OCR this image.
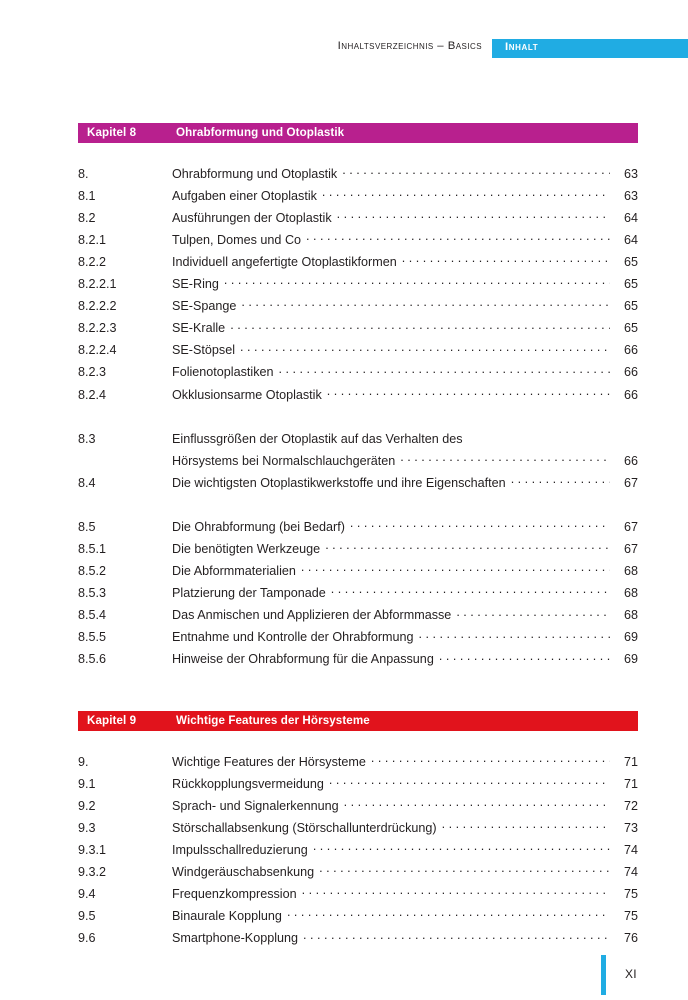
Inhaltsverzeichnis – Basics Inhalt
Kapitel 8	Ohrabformung und Otoplastik
8.	Ohrabformung und Otoplastik . . .	63
8.1	Aufgaben einer Otoplastik . . .	63
8.2	Ausführungen der Otoplastik . . .	64
8.2.1	Tulpen, Domes und Co . . .	64
8.2.2	Individuell angefertigte Otoplastikformen . . .	65
8.2.2.1	SE-Ring . . .	65
8.2.2.2	SE-Spange . . .	65
8.2.2.3	SE-Kralle . . .	65
8.2.2.4	SE-Stöpsel . . .	66
8.2.3	Folienotoplastiken . . .	66
8.2.4	Okklusionsarme Otoplastik . . .	66
8.3	Einflussgrößen der Otoplastik auf das Verhalten des
Hörsystems bei Normalschlauchgeräten . . .	66
8.4	Die wichtigsten Otoplastikwerkstoffe und ihre Eigenschaften . . .	67
8.5	Die Ohrabformung (bei Bedarf) . . .	67
8.5.1	Die benötigten Werkzeuge . . .	67
8.5.2	Die Abformmaterialien . . .	68
8.5.3	Platzierung der Tamponade . . .	68
8.5.4	Das Anmischen und Applizieren der Abformmasse . . .	68
8.5.5	Entnahme und Kontrolle der Ohrabformung . . .	69
8.5.6	Hinweise der Ohrabformung für die Anpassung . . .	69
Kapitel 9	Wichtige Features der Hörsysteme
9.	Wichtige Features der Hörsysteme . . .	71
9.1	Rückkopplungsvermeidung . . .	71
9.2	Sprach- und Signalerkennung . . .	72
9.3	Störschallabsenkung (Störschallunterdrückung) . . .	73
9.3.1	Impulsschallreduzierung . . .	74
9.3.2	Windgeräuschabsenkung . . .	74
9.4	Frequenzkompression . . .	75
9.5	Binaurale Kopplung . . .	75
9.6	Smartphone-Kopplung . . .	76
XI
